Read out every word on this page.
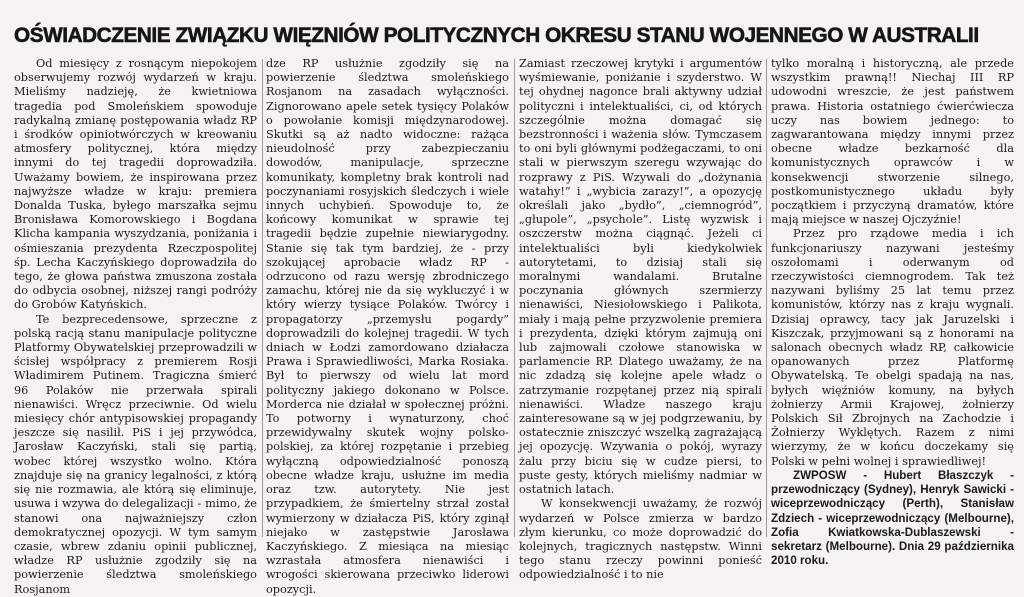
OŚWIADCZENIE ZWIĄZKU WIĘZNIÓW POLITYCZNYCH OKRESU STANU WOJENNEGO W AUSTRALII

Od miesięcy z rosnącym niepokojem obserwujemy rozwój wydarzeń w kraju. Mieliśmy nadzieję, że kwietniowa tragedia pod Smoleńskiem spowoduje radykalną zmianę postępowania władz RP i środków opiniotwórczych w kreowaniu atmosfery politycznej, która między innymi do tej tragedii doprowadziła. Uważamy bowiem, że inspirowana przez najwyższe władze w kraju: premiera Donalda Tuska, byłego marszałka sejmu Bronisława Komorowskiego i Bogdana Klicha kampania wyszydzania, poniżania i ośmieszania prezydenta Rzeczpospolitej śp. Lecha Kaczyńskiego doprowadziła do tego, że głowa państwa zmuszona została do odbycia osobnej, niższej rangi podróży do Grobów Katyńskich.

Te bezprecedensowe, sprzeczne z polską racją stanu manipulacje polityczne Platformy Obywatelskiej przeprowadzili w ścisłej współpracy z premierem Rosji Władimirem Putinem. Tragiczna śmierć 96 Polaków nie przerwała spirali nienawiści. Wręcz przeciwnie. Od wielu miesięcy chór antypisowskiej propagandy jeszcze się nasilił. PiS i jej przywódca, Jarosław Kaczyński, stali się partią, wobec której wszystko wolno. Która znajduje się na granicy legalności, z którą się nie rozmawia, ale którą się eliminuje, usuwa i wzywa do delegalizacji - mimo, że stanowi ona najważniejszy człon demokratycznej opozycji. W tym samym czasie, wbrew zdaniu opinii publicznej, władze RP usłużnie zgodziły się na powierzenie śledztwa smoleńskiego Rosjanom

dze RP usłużnie zgodziły się na powierzenie śledztwa smoleńskiego Rosjanom na zasadach wyłączności. Zignorowano apele setek tysięcy Polaków o powołanie komisji międzynarodowej. Skutki są aż nadto widoczne: rażąca nieudolność przy zabezpieczaniu dowodów, manipulacje, sprzeczne komunikaty, kompletny brak kontroli nad poczynaniami rosyjskich śledczych i wiele innych uchybień. Spowoduje to, że końcowy komunikat w sprawie tej tragedii będzie zupełnie niewiarygodny. Stanie się tak tym bardziej, że - przy szokującej aprobacie władz RP - odrzucono od razu wersję zbrodniczego zamachu, której nie da się wykluczyć i w który wierzy tysiące Polaków. Twórcy i propagatorzy „przemysłu pogardy” doprowadzili do kolejnej tragedii. W tych dniach w Łodzi zamordowano działacza Prawa i Sprawiedliwości, Marka Rosiaka. Był to pierwszy od wielu lat mord polityczny jakiego dokonano w Polsce. Morderca nie działał w społecznej próżni. To potworny i wynaturzony, choć przewidywalny skutek wojny polsko-polskiej, za której rozpętanie i przebieg wyłączną odpowiedzialność ponoszą obecne władze kraju, usłużne im media oraz tzw. autorytety. Nie jest przypadkiem, że śmiertelny strzał został wymierzony w działacza PiS, który zginął niejako w zastępstwie Jarosława Kaczyńskiego. Z miesiąca na miesiąc wzrastała atmosfera nienawiści i wrogości skierowana przeciwko liderowi opozycji.

Zamiast rzeczowej krytyki i argumentów wyśmiewanie, poniżanie i szyderstwo. W tej ohydnej nagonce brali aktywny udział polityczni i intelektualiści, ci, od których szczególnie można domagać się bezstronności i ważenia słów. Tymczasem to oni byli głównymi podżegaczami, to oni stali w pierwszym szeregu wzywając do rozprawy z PiS. Wzywali do „dożynania watahy!” i „wybicia zarazy!”, a opozycję określali jako „bydło”, „ciemnogród”, „głupole”, „psychole”. Listę wyzwisk i oszczerstw można ciągnąć. Jeżeli ci intelektualiści byli kiedykolwiek autorytetami, to dzisiaj stali się moralnymi wandalami. Brutalne poczynania głównych szermierzy nienawiści, Niesiołowskiego i Palikota, miały i mają pełne przyzwolenie premiera i prezydenta, dzięki którym zajmują oni lub zajmowali czołowe stanowiska w parlamencie RP. Dlatego uważamy, że na nic zdadzą się kolejne apele władz o zatrzymanie rozpętanej przez nią spirali nienawiści. Władze naszego kraju zainteresowane są w jej podgrzewaniu, by ostatecznie zniszczyć wszelką zagrażającą jej opozycję. Wzywania o pokój, wyrazy żalu przy biciu się w cudze piersi, to puste gesty, których mieliśmy nadmiar w ostatnich latach.

W konsekwencji uważamy, że rozwój wydarzeń w Polsce zmierza w bardzo złym kierunku, co może doprowadzić do kolejnych, tragicznych następstw. Winni tego stanu rzeczy powinni ponieść odpowiedzialność i to nie

tylko moralną i historyczną, ale przede wszystkim prawną!! Niechaj III RP udowodni wreszcie, że jest państwem prawa. Historia ostatniego ćwierćwiecza uczy nas bowiem jednego: to zagwarantowana między innymi przez obecne władze bezkarność dla komunistycznych oprawców i w konsekwencji stworzenie silnego, postkomunistycznego układu były początkiem i przyczyną dramatów, które mają miejsce w naszej Ojczyźnie!

Przez pro rządowe media i ich funkcjonariuszy nazywani jesteśmy oszołomami i oderwanym od rzeczywistości ciemnogrodem. Tak też nazywani byliśmy 25 lat temu przez komunistów, którzy nas z kraju wygnali. Dzisiaj oprawcy, tacy jak Jaruzelski i Kiszczak, przyjmowani są z honorami na salonach obecnych władz RP, całkowicie opanowanych przez Platformę Obywatelską. Te obelgi spadają na nas, byłych więźniów komuny, na byłych żołnierzy Armii Krajowej, żołnierzy Polskich Sił Zbrojnych na Zachodzie i Żołnierzy Wyklętych. Razem z nimi wierzymy, że w końcu doczekamy się Polski w pełni wolnej i sprawiedliwej!

ZWPOSW - Hubert Błaszczyk - przewodniczący (Sydney), Henryk Sawicki - wiceprzewodniczący (Perth), Stanisław Zdziech - wiceprzewodniczący (Melbourne), Zofia Kwiatkowska-Dublaszewski - sekretarz (Melbourne). Dnia 29 października 2010 roku.
